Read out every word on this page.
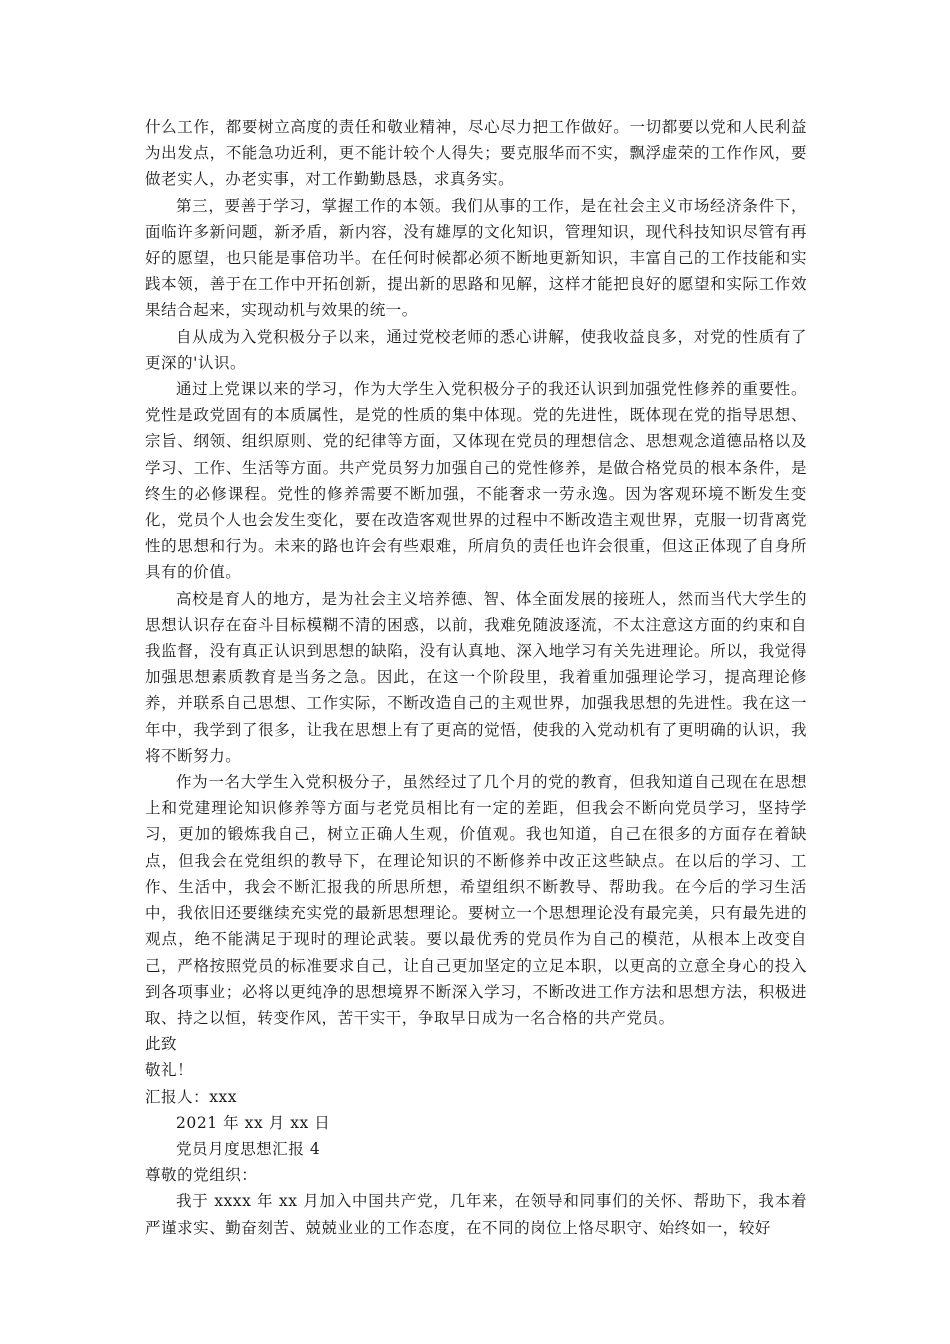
什么工作，都要树立高度的责任和敬业精神，尽心尽力把工作做好。一切都要以党和人民利益为出发点，不能急功近利，更不能计较个人得失；要克服华而不实，飘浮虚荣的工作作风，要做老实人，办老实事，对工作勤勤恳恳，求真务实。

第三，要善于学习，掌握工作的本领。我们从事的工作，是在社会主义市场经济条件下，面临许多新问题，新矛盾，新内容，没有雄厚的文化知识，管理知识，现代科技知识尽管有再好的愿望，也只能是事倍功半。在任何时候都必须不断地更新知识，丰富自己的工作技能和实践本领，善于在工作中开拓创新，提出新的思路和见解，这样才能把良好的愿望和实际工作效果结合起来，实现动机与效果的统一。

自从成为入党积极分子以来，通过党校老师的悉心讲解，使我收益良多，对党的性质有了更深的'认识。

通过上党课以来的学习，作为大学生入党积极分子的我还认识到加强党性修养的重要性。党性是政党固有的本质属性，是党的性质的集中体现。党的先进性，既体现在党的指导思想、宗旨、纲领、组织原则、党的纪律等方面，又体现在党员的理想信念、思想观念道德品格以及学习、工作、生活等方面。共产党员努力加强自己的党性修养，是做合格党员的根本条件，是终生的必修课程。党性的修养需要不断加强，不能奢求一劳永逸。因为客观环境不断发生变化，党员个人也会发生变化，要在改造客观世界的过程中不断改造主观世界，克服一切背离党性的思想和行为。未来的路也许会有些艰难，所肩负的责任也许会很重，但这正体现了自身所具有的价值。

高校是育人的地方，是为社会主义培养德、智、体全面发展的接班人，然而当代大学生的思想认识存在奋斗目标模糊不清的困惑，以前，我难免随波逐流，不太注意这方面的约束和自我监督，没有真正认识到思想的缺陷，没有认真地、深入地学习有关先进理论。所以，我觉得加强思想素质教育是当务之急。因此，在这一个阶段里，我着重加强理论学习，提高理论修养，并联系自己思想、工作实际，不断改造自己的主观世界，加强我思想的先进性。我在这一年中，我学到了很多，让我在思想上有了更高的觉悟，使我的入党动机有了更明确的认识，我将不断努力。

作为一名大学生入党积极分子，虽然经过了几个月的党的教育，但我知道自己现在在思想上和党建理论知识修养等方面与老党员相比有一定的差距，但我会不断向党员学习，坚持学习，更加的锻炼我自己，树立正确人生观，价值观。我也知道，自己在很多的方面存在着缺点，但我会在党组织的教导下，在理论知识的不断修养中改正这些缺点。在以后的学习、工作、生活中，我会不断汇报我的所思所想，希望组织不断教导、帮助我。在今后的学习生活中，我依旧还要继续充实党的最新思想理论。要树立一个思想理论没有最完美，只有最先进的观点，绝不能满足于现时的理论武装。要以最优秀的党员作为自己的模范，从根本上改变自己，严格按照党员的标准要求自己，让自己更加坚定的立足本职，以更高的立意全身心的投入到各项事业；必将以更纯净的思想境界不断深入学习，不断改进工作方法和思想方法，积极进取、持之以恒，转变作风，苦干实干，争取早日成为一名合格的共产党员。

此致

敬礼！

汇报人：xxx

2021 年 xx 月 xx 日

党员月度思想汇报 4

尊敬的党组织：

我于 xxxx 年 xx 月加入中国共产党，几年来，在领导和同事们的关怀、帮助下，我本着严谨求实、勤奋刻苦、兢兢业业的工作态度，在不同的岗位上恪尽职守、始终如一，较好
